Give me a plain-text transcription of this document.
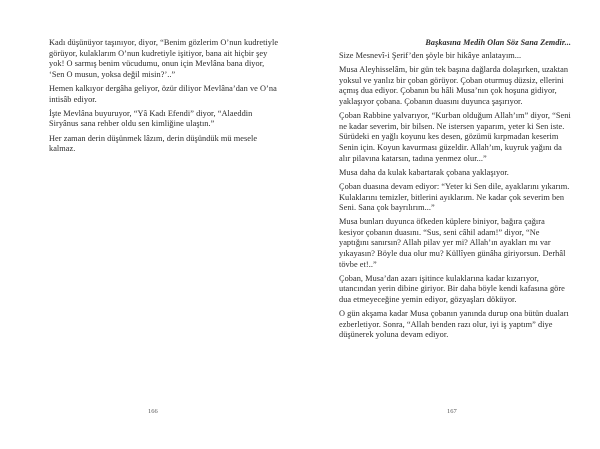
Kadı düşünüyor taşınıyor, diyor, “Benim gözlerim O’nun kudretiyle görüyor, kulaklarım O’nun kudretiyle işitiyor, bana ait hiçbir şey yok! O sarmış benim vücudumu, onun için Mevlâna bana diyor, ‘Sen O musun, yoksa değil misin?’..”

Hemen kalkıyor dergâha geliyor, özür diliyor Mevlâna’dan ve O’na intisâb ediyor.

İşte Mevlâna buyuruyor, “Yâ Kadı Efendi” diyor, “Alaeddin Siryânus sana rehber oldu sen kimliğine ulaştın.”

Her zaman derin düşünmek lâzım, derin düşündük mü mesele kalmaz.

166
Başkasına Medih Olan Söz Sana Zemdir...

Size Mesnevî-i Şerif’den şöyle bir hikâye anlatayım...

Musa Aleyhisselâm, bir gün tek başına dağlarda dolaşırken, uzaktan yoksul ve yanlız bir çoban görüyor. Çoban oturmuş düzsiz, ellerini açmış dua ediyor. Çobanın bu hâli Musa’nın çok hoşuna gidiyor, yaklaşıyor çobana. Çobanın duasını duyunca şaşırıyor.

Çoban Rabbine yalvarıyor, “Kurban olduğum Allah’ım” diyor, “Seni ne kadar severim, bir bilsen. Ne istersen yaparım, yeter ki Sen iste. Sürüdeki en yağlı koyunu kes desen, gözümü kırpmadan keserim Senin için. Koyun kavurması güzeldir. Allah’ım, kuyruk yağını da alır pilavına katarsın, tadına yenmez olur...”

Musa daha da kulak kabartarak çobana yaklaşıyor.

Çoban duasına devam ediyor: “Yeter ki Sen dile, ayaklarını yıkarım. Kulaklarını temizler, bitlerini ayıklarım. Ne kadar çok severim ben Seni. Sana çok bayrılırım...”

Musa bunları duyunca öfkeden küplere biniyor, bağıra çağıra kesiyor çobanın duasını. “Sus, seni câhil adam!” diyor, “Ne yaptığını sanırsın? Allah pilav yer mi? Allah’ın ayakları mı var yıkayasın? Böyle dua olur mu? Küllîyen günâha giriyorsun. Derhâl tövbe et!..”

Çoban, Musa’dan azarı işitince kulaklarına kadar kızarıyor, utancından yerin dibine giriyor. Bir daha böyle kendi kafasına göre dua etmeyeceğine yemin ediyor, gözyaşları döküyor.

O gün akşama kadar Musa çobanın yanında durup ona bütün duaları ezberletiyor. Sonra, “Allah benden razı olur, iyi iş yaptım” diye düşünerek yoluna devam ediyor.

167
